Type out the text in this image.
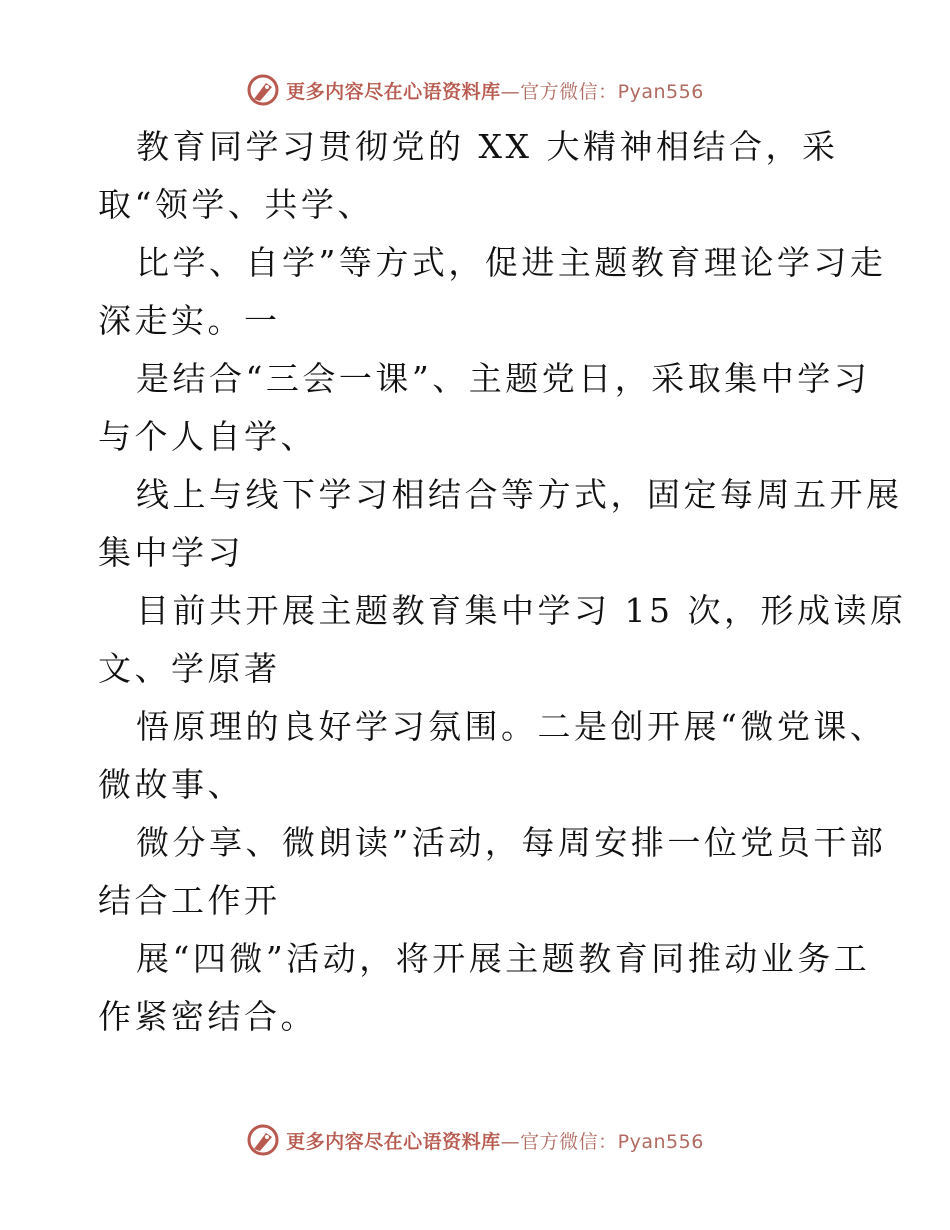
更多内容尽在心语资料库—官方微信：Pyan556
教育同学习贯彻党的 XX 大精神相结合，采
取“领学、共学、
比学、自学”等方式，促进主题教育理论学习走
深走实。一
是结合“三会一课”、主题党日，采取集中学习
与个人自学、
线上与线下学习相结合等方式，固定每周五开展
集中学习
目前共开展主题教育集中学习 15 次，形成读原
文、学原著
悟原理的良好学习氛围。二是创开展“微党课、
微故事、
微分享、微朗读”活动，每周安排一位党员干部
结合工作开
展“四微”活动，将开展主题教育同推动业务工
作紧密结合。
更多内容尽在心语资料库—官方微信：Pyan556
